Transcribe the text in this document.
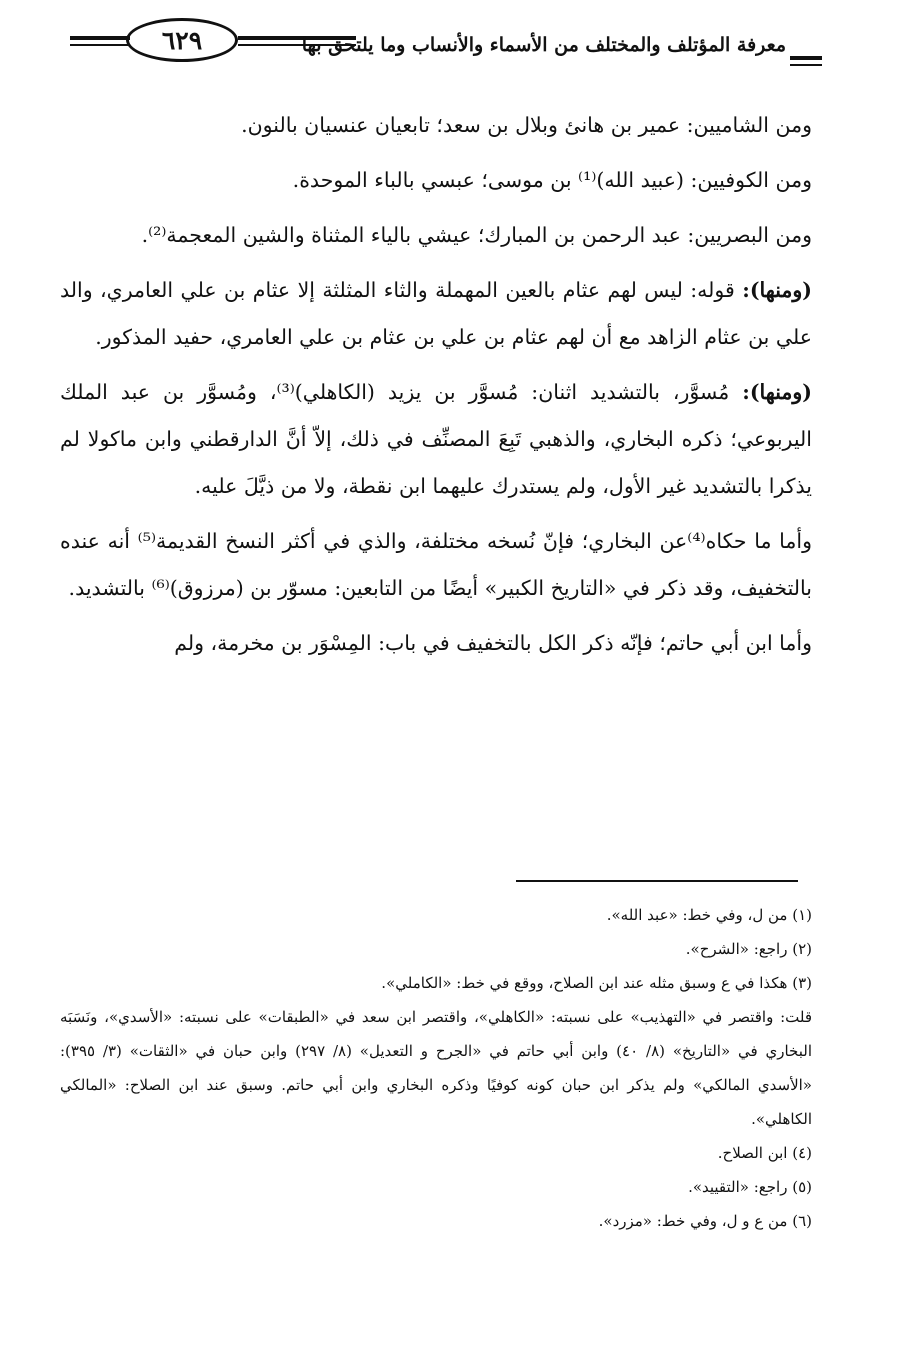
٦٢٩	معرفة المؤتلف والمختلف من الأسماء والأنساب وما يلتحق بها

ومن الشاميين: عمير بن هانئ وبلال بن سعد؛ تابعيان عنسيان بالنون.

ومن الكوفيين: (عبيد الله)⁽¹⁾ بن موسى؛ عبسي بالباء الموحدة.

ومن البصريين: عبد الرحمن بن المبارك؛ عيشي بالياء المثناة والشين المعجمة⁽²⁾.

(ومنها): قوله: ليس لهم عثام بالعين المهملة والثاء المثلثة إلا عثام بن علي العامري، والد علي بن عثام الزاهد مع أن لهم عثام بن علي بن عثام بن علي العامري، حفيد المذكور.

(ومنها): مُسوَّر، بالتشديد اثنان: مُسوَّر بن يزيد (الكاهلي)⁽³⁾، ومُسوَّر بن عبد الملك اليربوعي؛ ذكره البخاري، والذهبي تَبِعَ المصنِّف في ذلك، إلاّ أنَّ الدارقطني وابن ماكولا لم يذكرا بالتشديد غير الأول، ولم يستدرك عليهما ابن نقطة، ولا من ذيَّلَ عليه.

وأما ما حكاه⁽⁴⁾عن البخاري؛ فإنّ نُسخه مختلفة، والذي في أكثر النسخ القديمة⁽⁵⁾ أنه عنده بالتخفيف، وقد ذكر في «التاريخ الكبير» أيضًا من التابعين: مسوّر بن (مرزوق)⁽⁶⁾ بالتشديد.

وأما ابن أبي حاتم؛ فإنّه ذكر الكل بالتخفيف في باب: المِسْوَر بن مخرمة، ولم

(١) من ل، وفي خط: «عبد الله».

(٢) راجع: «الشرح».

(٣) هكذا في ع وسبق مثله عند ابن الصلاح، ووقع في خط: «الكاملي».

قلت: واقتصر في «التهذيب» على نسبته: «الكاهلي»، واقتصر ابن سعد في «الطبقات» على نسبته: «الأسدي»، ونَسَبَه البخاري في «التاريخ» (٨/ ٤٠) وابن أبي حاتم في «الجرح و التعديل» (٨/ ٢٩٧) وابن حبان في «الثقات» (٣/ ٣٩٥): «الأسدي المالكي» ولم يذكر ابن حبان كونه كوفيًا وذكره البخاري وابن أبي حاتم. وسبق عند ابن الصلاح: «المالكي الكاهلي».

(٤) ابن الصلاح.

(٥) راجع: «التقييد».

(٦) من ع و ل، وفي خط: «مزرد».
